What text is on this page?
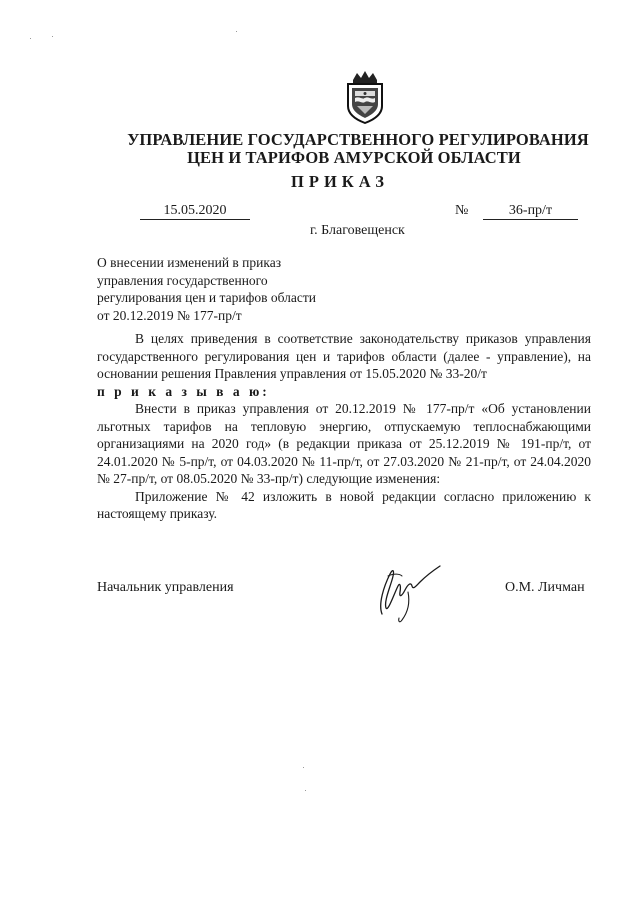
УПРАВЛЕНИЕ ГОСУДАРСТВЕННОГО РЕГУЛИРОВАНИЯ
ЦЕН И ТАРИФОВ АМУРСКОЙ ОБЛАСТИ
ПРИКАЗ
15.05.2020	№	36-пр/т
г. Благовещенск
О внесении изменений в приказ
управления государственного
регулирования цен и тарифов области
от 20.12.2019 № 177-пр/т

В целях приведения в соответствие законодательству приказов управления государственного регулирования цен и тарифов области (далее - управление), на основании решения Правления управления от 15.05.2020 № 33-20/т

п р и к а з ы в а ю:

Внести в приказ управления от 20.12.2019 № 177-пр/т «Об установлении льготных тарифов на тепловую энергию, отпускаемую теплоснабжающими организациями на 2020 год» (в редакции приказа от 25.12.2019 № 191-пр/т, от 24.01.2020 № 5-пр/т, от 04.03.2020 № 11-пр/т, от 27.03.2020 № 21-пр/т, от 24.04.2020 № 27-пр/т, от 08.05.2020 № 33-пр/т) следующие изменения:

Приложение № 42 изложить в новой редакции согласно приложению к настоящему приказу.

Начальник управления	О.М. Личман
